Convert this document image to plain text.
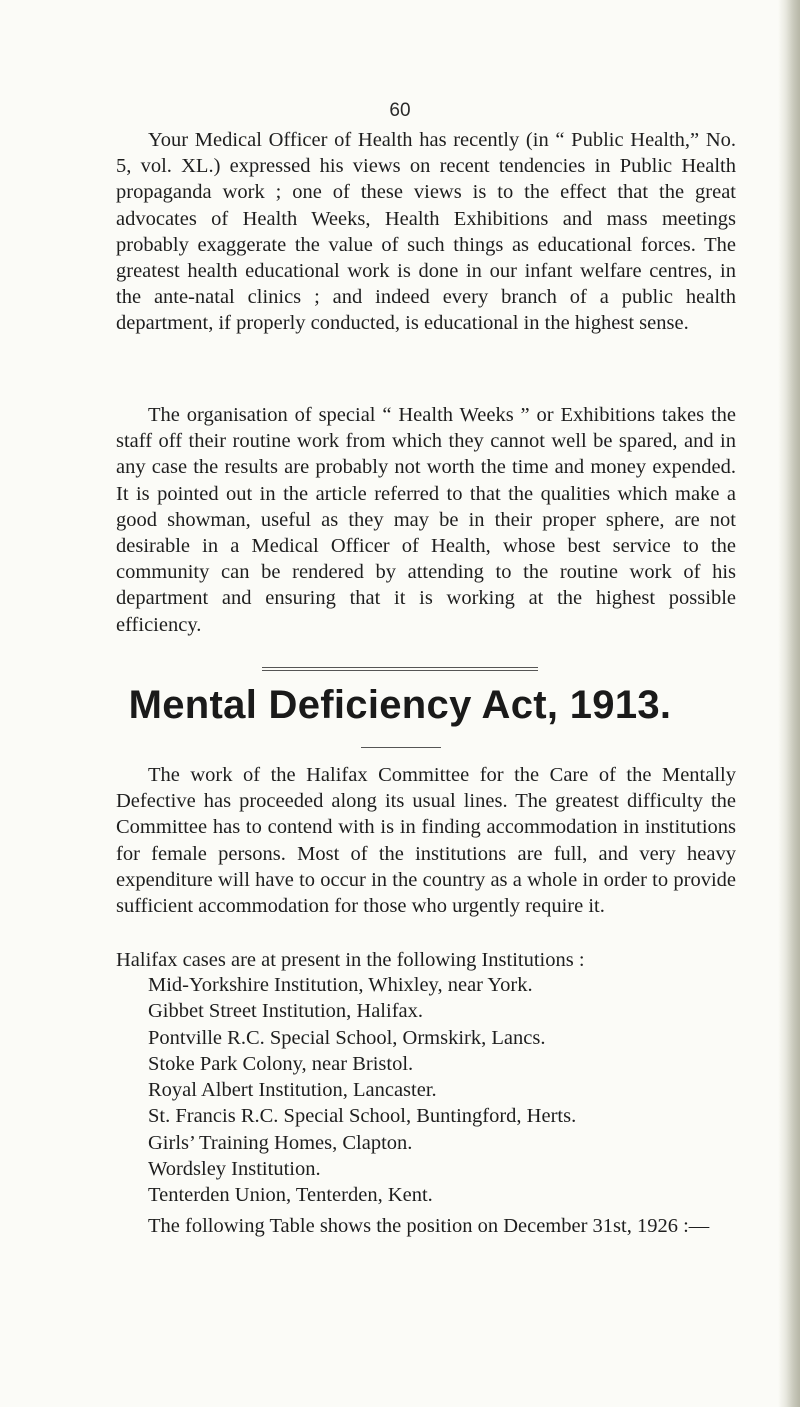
60

Your Medical Officer of Health has recently (in “ Public Health,” No. 5, vol. XL.) expressed his views on recent tendencies in Public Health propaganda work ; one of these views is to the effect that the great advocates of Health Weeks, Health Exhibitions and mass meetings probably exaggerate the value of such things as educational forces. The greatest health educational work is done in our infant welfare centres, in the ante-natal clinics ; and indeed every branch of a public health department, if properly conducted, is educational in the highest sense.

The organisation of special “ Health Weeks ” or Exhibitions takes the staff off their routine work from which they cannot well be spared, and in any case the results are probably not worth the time and money expended. It is pointed out in the article referred to that the qualities which make a good showman, useful as they may be in their proper sphere, are not desirable in a Medical Officer of Health, whose best service to the community can be rendered by attending to the routine work of his department and ensuring that it is working at the highest possible efficiency.

Mental Deficiency Act, 1913.

The work of the Halifax Committee for the Care of the Mentally Defective has proceeded along its usual lines. The greatest difficulty the Committee has to contend with is in finding accommodation in institutions for female persons. Most of the institutions are full, and very heavy expenditure will have to occur in the country as a whole in order to provide sufficient accommodation for those who urgently require it.

Halifax cases are at present in the following Institutions :

Mid-Yorkshire Institution, Whixley, near York.
Gibbet Street Institution, Halifax.
Pontville R.C. Special School, Ormskirk, Lancs.
Stoke Park Colony, near Bristol.
Royal Albert Institution, Lancaster.
St. Francis R.C. Special School, Buntingford, Herts.
Girls’ Training Homes, Clapton.
Wordsley Institution.
Tenterden Union, Tenterden, Kent.

The following Table shows the position on December 31st, 1926 :—
